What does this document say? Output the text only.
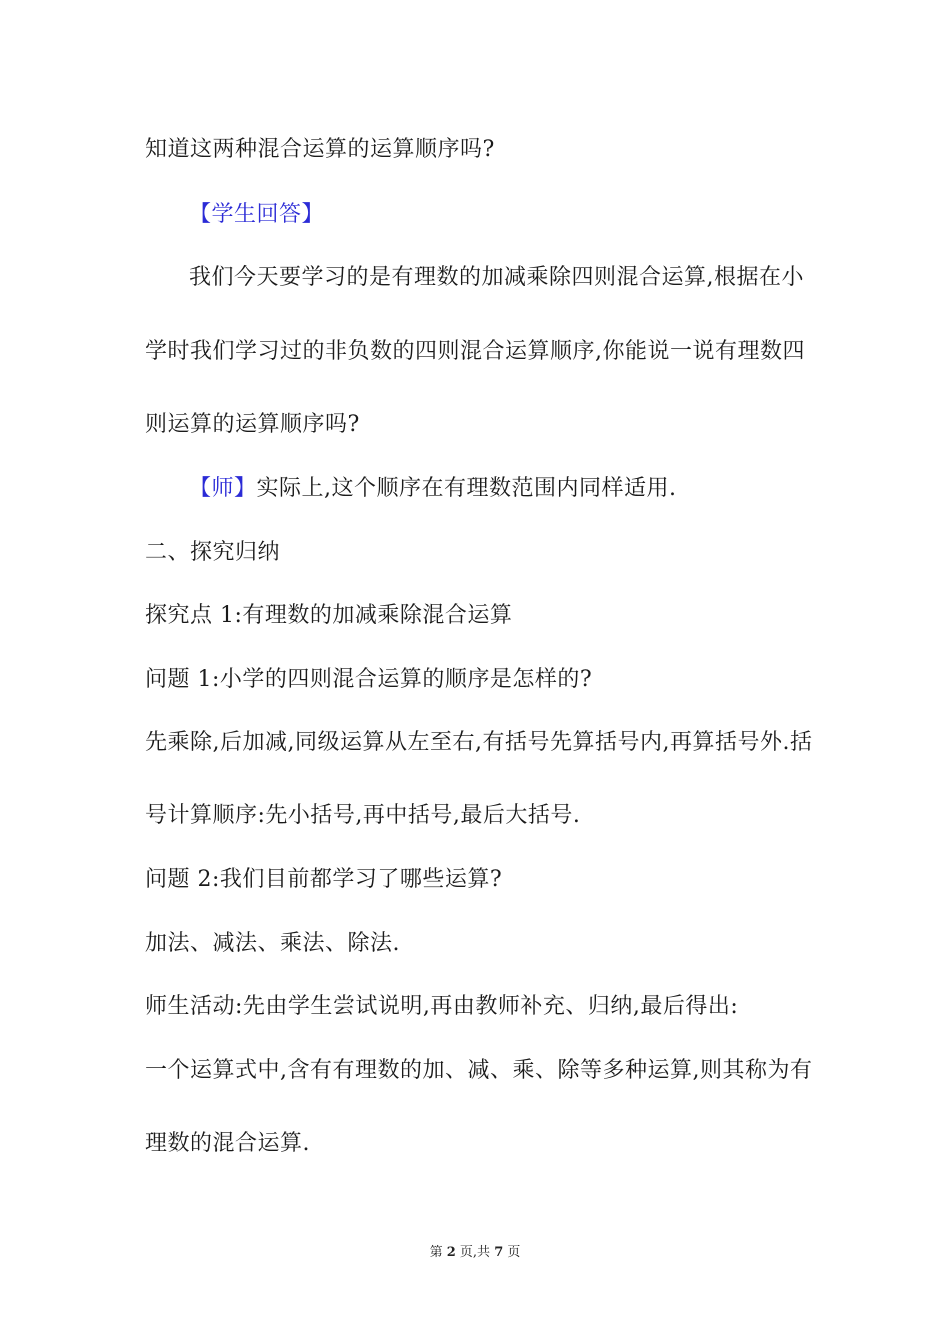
知道这两种混合运算的运算顺序吗?
【学生回答】
我们今天要学习的是有理数的加减乘除四则混合运算,根据在小
学时我们学习过的非负数的四则混合运算顺序,你能说一说有理数四
则运算的运算顺序吗?
【师】实际上,这个顺序在有理数范围内同样适用.
二、探究归纳
探究点 1:有理数的加减乘除混合运算
问题 1:小学的四则混合运算的顺序是怎样的?
先乘除,后加减,同级运算从左至右,有括号先算括号内,再算括号外.括
号计算顺序:先小括号,再中括号,最后大括号.
问题 2:我们目前都学习了哪些运算?
加法、减法、乘法、除法.
师生活动:先由学生尝试说明,再由教师补充、归纳,最后得出:
一个运算式中,含有有理数的加、减、乘、除等多种运算,则其称为有
理数的混合运算.
第 2 页,共 7 页
